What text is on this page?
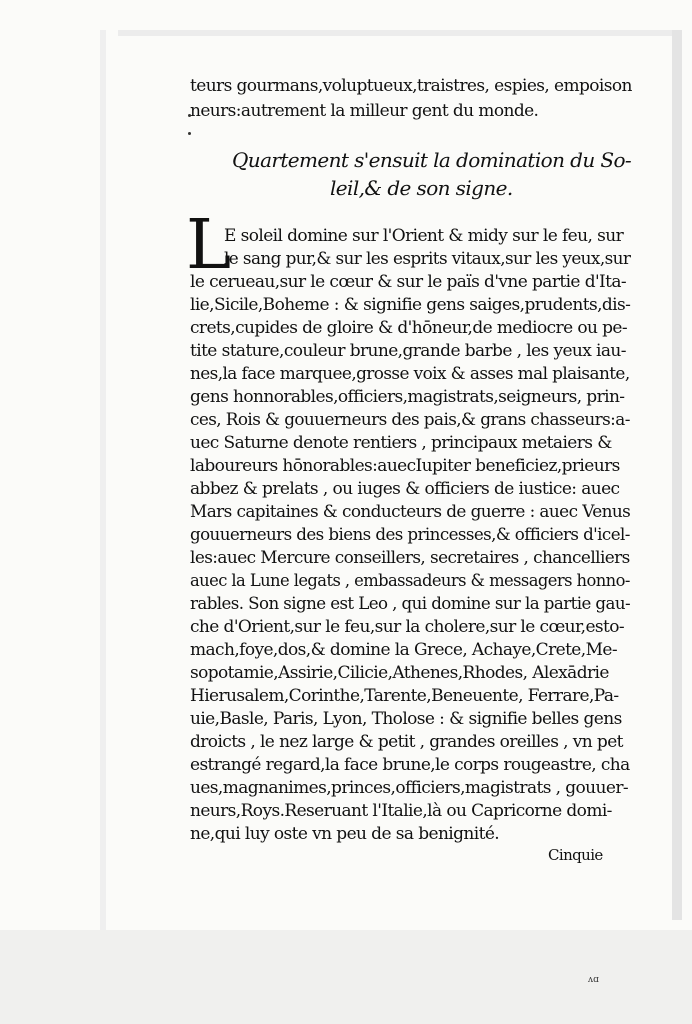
teurs gourmans,voluptueux,traistres, espies, empoison
neurs:autrement la milleur gent du monde.
Quartement s'ensuit la domination du So-
leil,& de son signe.
L
E soleil domine sur l'Orient & midy sur le feu, sur
le sang pur,& sur les esprits vitaux,sur les yeux,sur
le cerueau,sur le cœur & sur le païs d'vne partie d'Ita-
lie,Sicile,Boheme : & signifie gens saiges,prudents,dis-
crets,cupides de gloire & d'hōneur,de mediocre ou pe-
tite stature,couleur brune,grande barbe , les yeux iau-
nes,la face marquee,grosse voix & asses mal plaisante,
gens honnorables,officiers,magistrats,seigneurs, prin-
ces, Rois & gouuerneurs des pais,& grans chasseurs:a-
uec Saturne denote rentiers , principaux metaiers &
laboureurs hōnorables:auecIupiter beneficiez,prieurs
abbez & prelats , ou iuges & officiers de iustice: auec
Mars capitaines & conducteurs de guerre : auec Venus
gouuerneurs des biens des princesses,& officiers d'icel-
les:auec Mercure conseillers, secretaires , chancelliers
auec la Lune legats , embassadeurs & messagers honno-
rables. Son signe est Leo , qui domine sur la partie gau-
che d'Orient,sur le feu,sur la cholere,sur le cœur,esto-
mach,foye,dos,& domine la Grece, Achaye,Crete,Me-
sopotamie,Assirie,Cilicie,Athenes,Rhodes, Alexādrie
Hierusalem,Corinthe,Tarente,Beneuente, Ferrare,Pa-
uie,Basle, Paris, Lyon, Tholose : & signifie belles gens
droicts , le nez large & petit , grandes oreilles , vn pet
estrangé regard,la face brune,le corps rougeastre, cha
ues,magnanimes,princes,officiers,magistrats , gouuer-
neurs,Roys.Reseruant l'Italie,là ou Capricorne domi-
ne,qui luy oste vn peu de sa benignité.
Cinquie
ʌɑ
